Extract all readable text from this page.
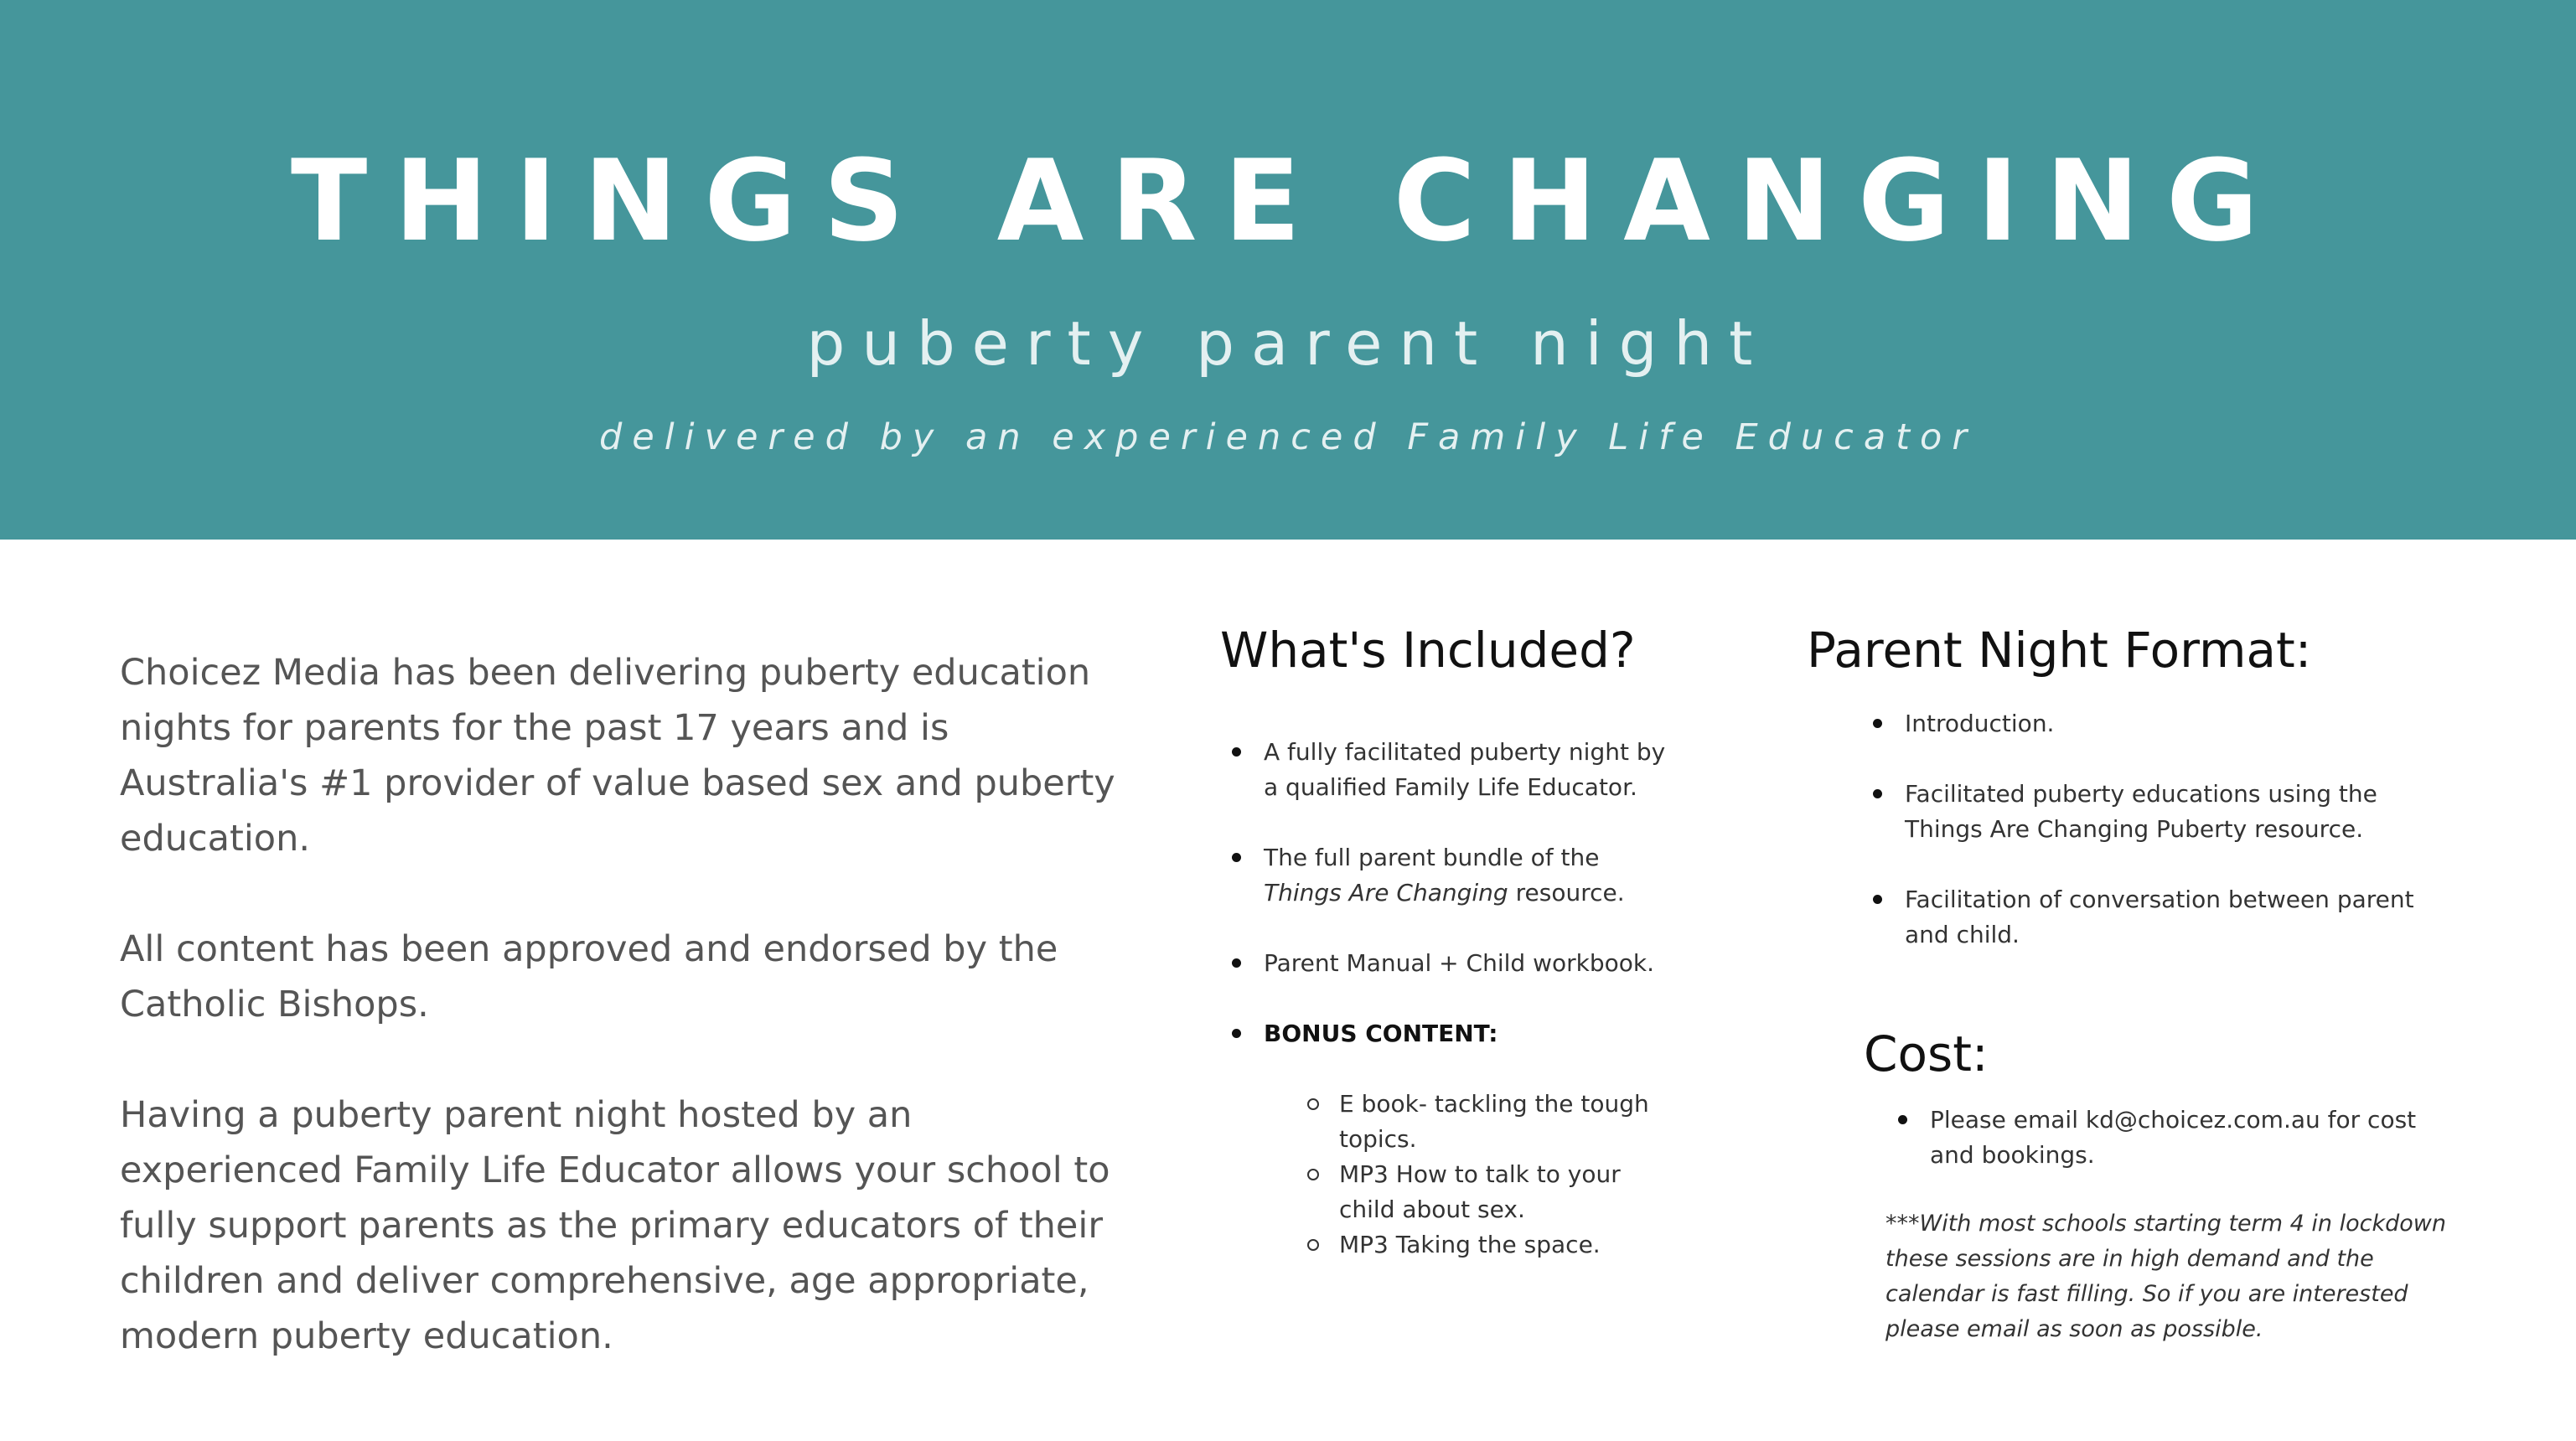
THINGS ARE CHANGING
puberty parent night

delivered by an experienced Family Life Educator

Choicez Media has been delivering puberty education nights for parents for the past 17 years and is Australia's #1 provider of value based sex and puberty education.

All content has been approved and endorsed by the Catholic Bishops.

Having a puberty parent night hosted by an experienced Family Life Educator allows your school to fully support parents as the primary educators of their children and deliver comprehensive, age appropriate, modern puberty education.

What's Included?
A fully facilitated puberty night by a qualified Family Life Educator.
The full parent bundle of the Things Are Changing resource.
Parent Manual + Child workbook.
BONUS CONTENT:
E book- tackling the tough topics.
MP3 How to talk to your child about sex.
MP3 Taking the space.
Parent Night Format:
Introduction.
Facilitated puberty educations using the Things Are Changing Puberty resource.
Facilitation of conversation between parent and child.
Cost:
Please email kd@choicez.com.au for cost and bookings.

***With most schools starting term 4 in lockdown these sessions are in high demand and the calendar is fast filling. So if you are interested please email as soon as possible.
